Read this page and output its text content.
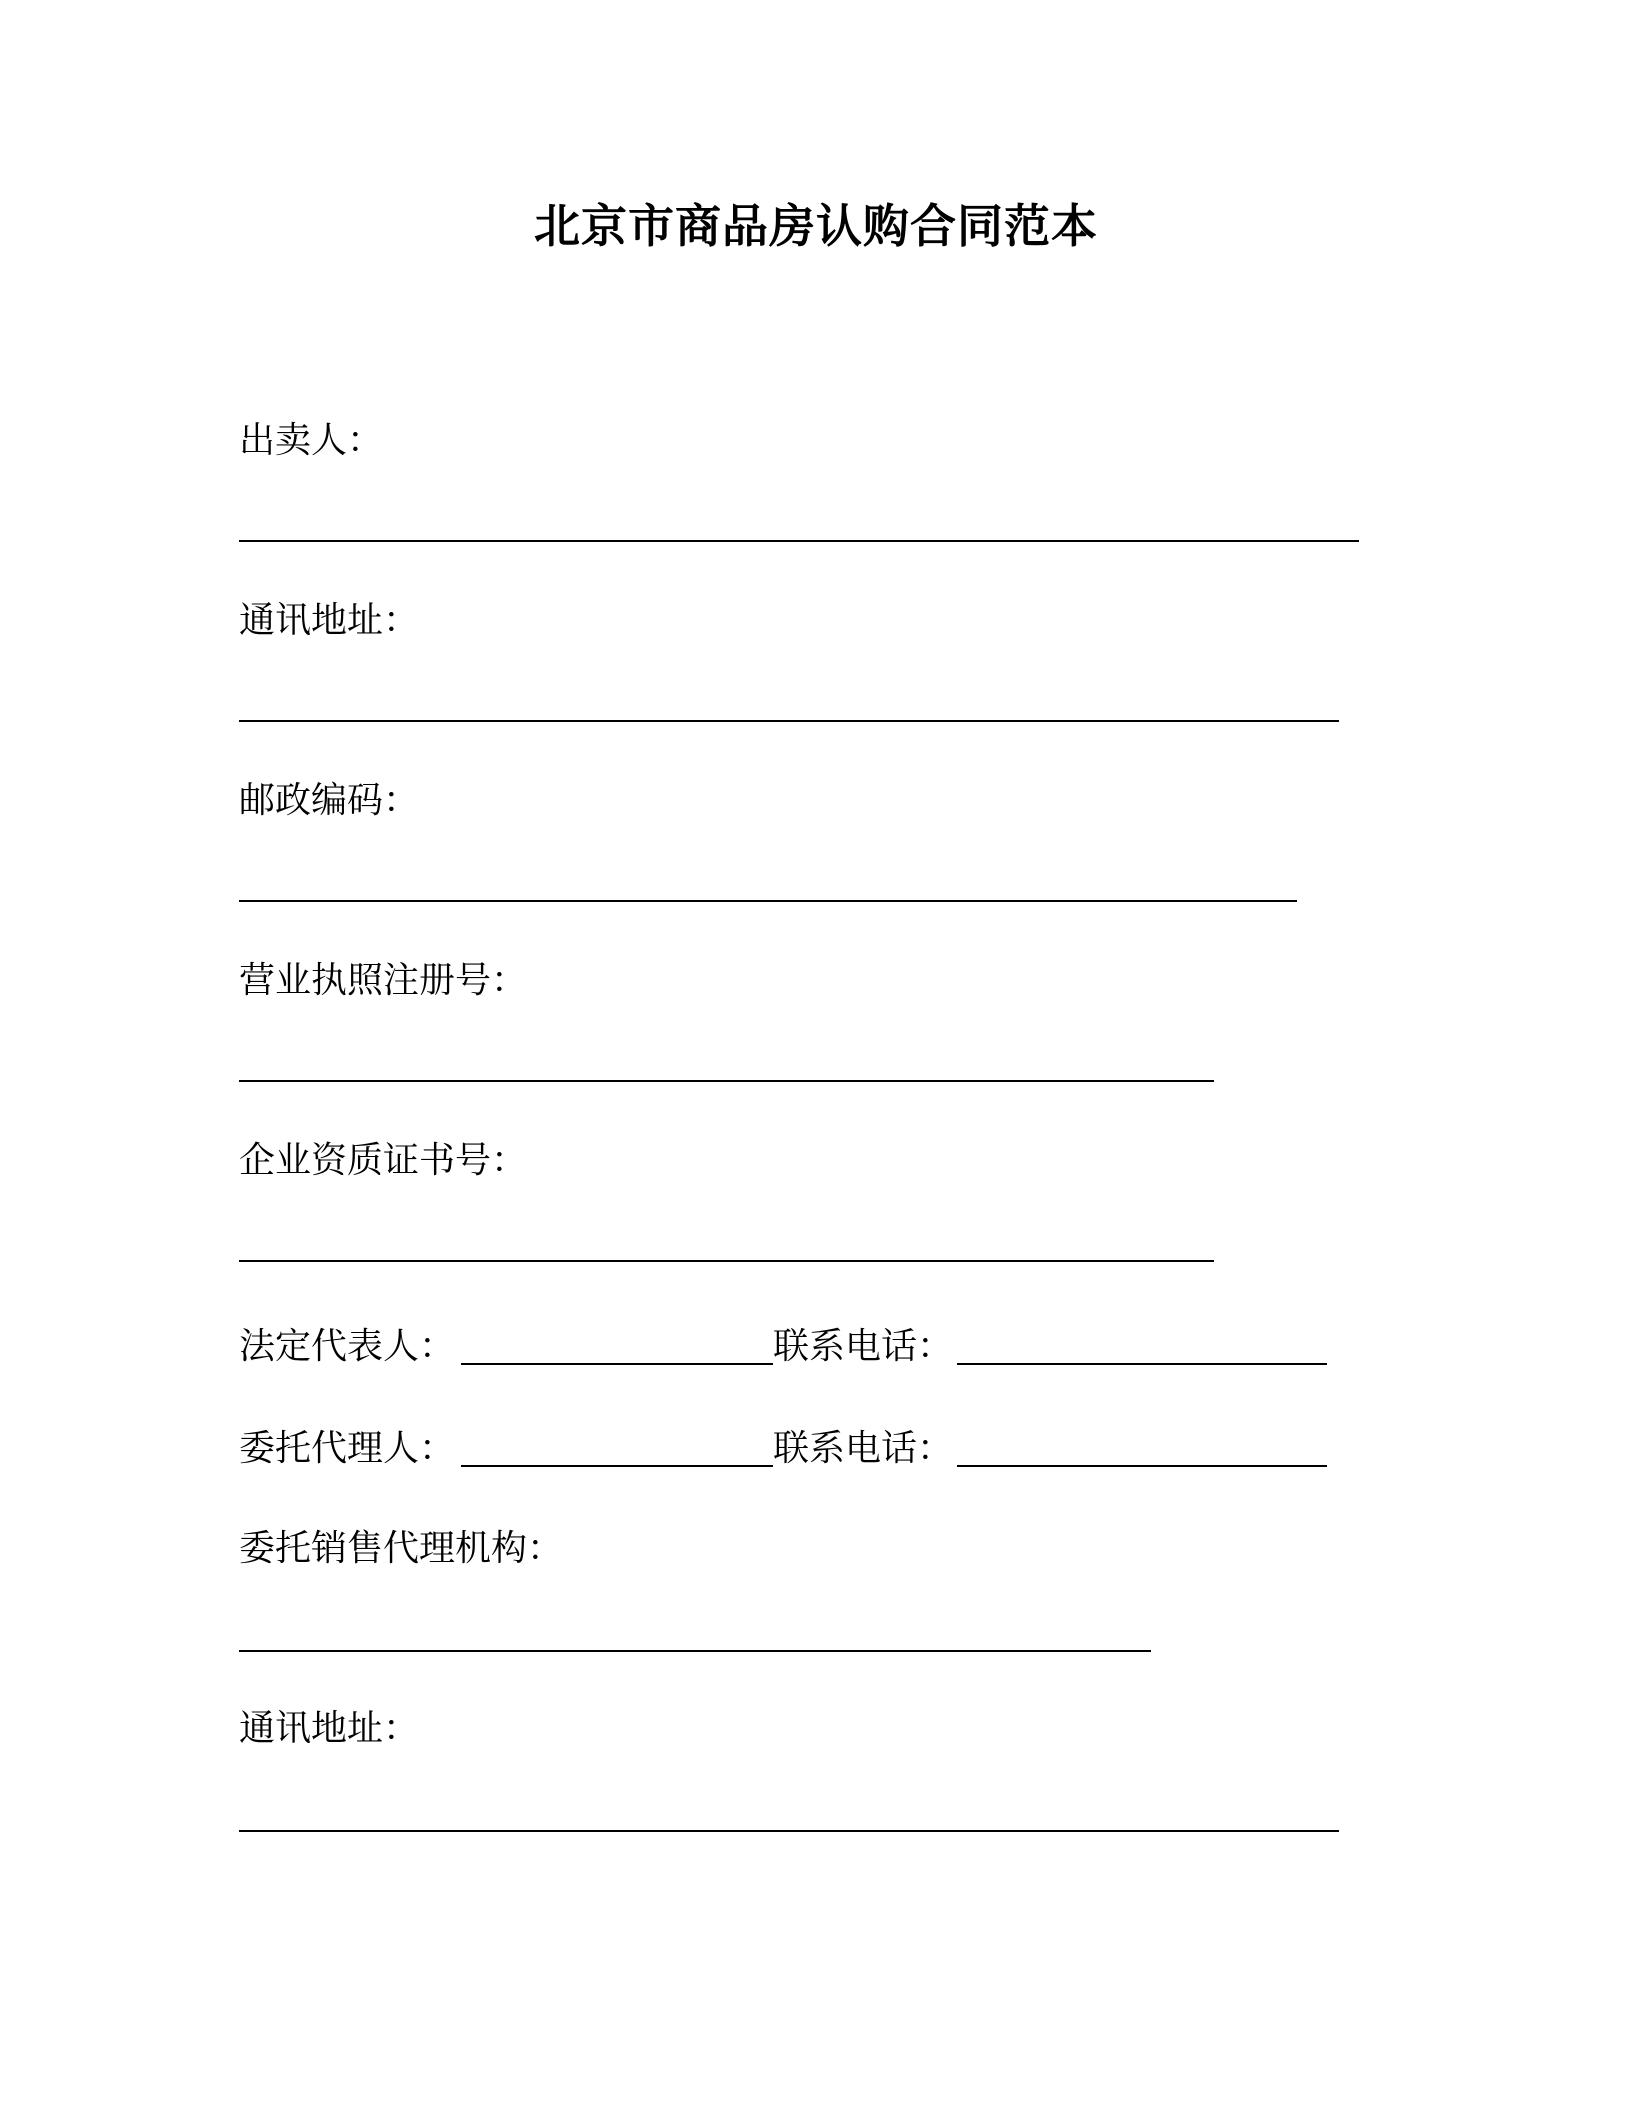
北京市商品房认购合同范本
出卖人：
通讯地址：
邮政编码：
营业执照注册号：
企业资质证书号：
法定代表人：	联系电话：
委托代理人：	联系电话：
委托销售代理机构：
通讯地址：
